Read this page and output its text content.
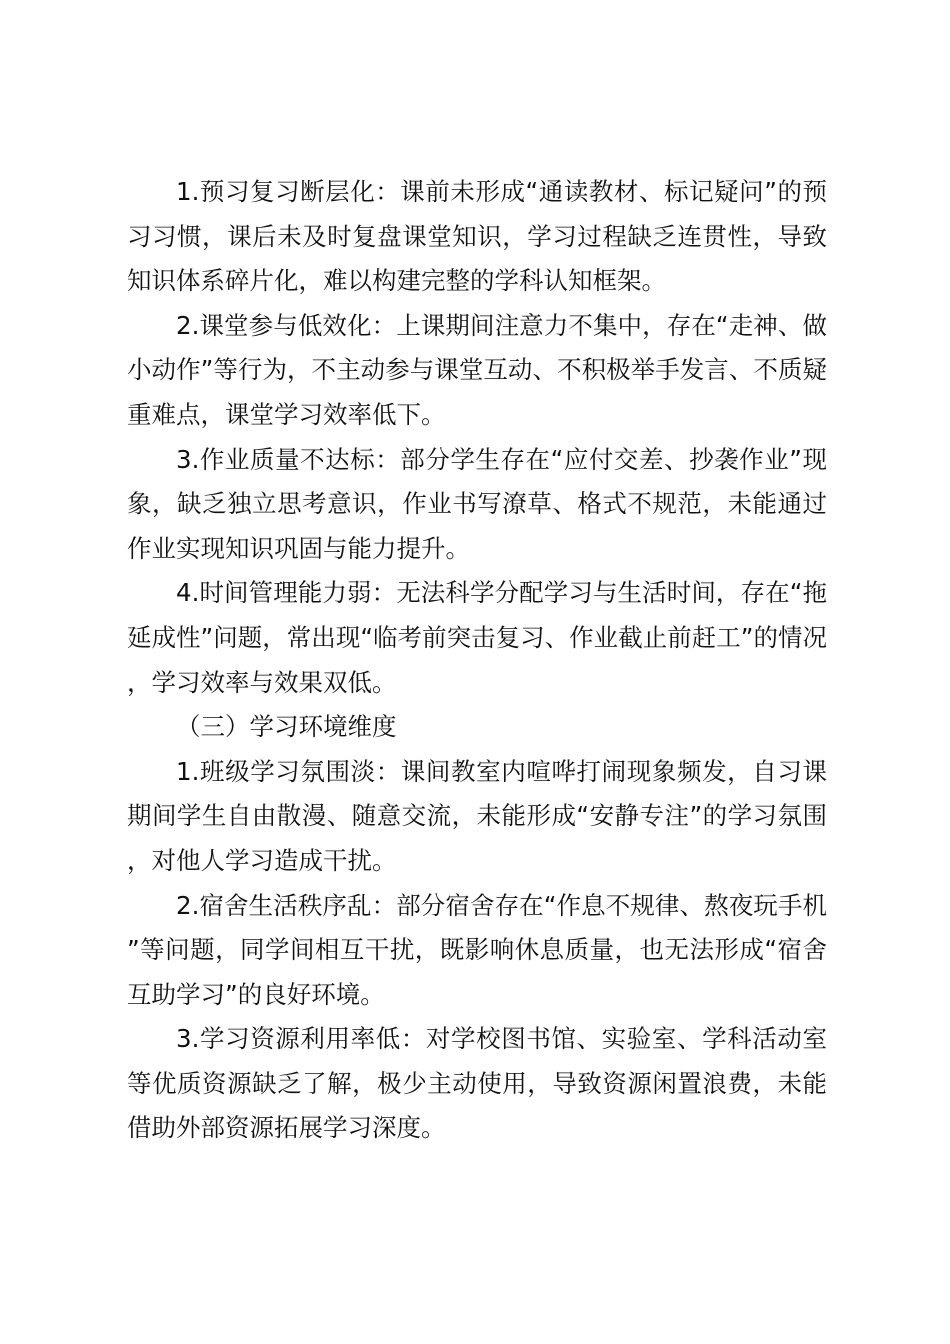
1.预习复习断层化：课前未形成“通读教材、标记疑问”的预习习惯，课后未及时复盘课堂知识，学习过程缺乏连贯性，导致知识体系碎片化，难以构建完整的学科认知框架。

2.课堂参与低效化：上课期间注意力不集中，存在“走神、做小动作”等行为，不主动参与课堂互动、不积极举手发言、不质疑重难点，课堂学习效率低下。

3.作业质量不达标：部分学生存在“应付交差、抄袭作业”现象，缺乏独立思考意识，作业书写潦草、格式不规范，未能通过作业实现知识巩固与能力提升。

4.时间管理能力弱：无法科学分配学习与生活时间，存在“拖延成性”问题，常出现“临考前突击复习、作业截止前赶工”的情况，学习效率与效果双低。

（三）学习环境维度

1.班级学习氛围淡：课间教室内喧哗打闹现象频发，自习课期间学生自由散漫、随意交流，未能形成“安静专注”的学习氛围，对他人学习造成干扰。

2.宿舍生活秩序乱：部分宿舍存在“作息不规律、熬夜玩手机”等问题，同学间相互干扰，既影响休息质量，也无法形成“宿舍互助学习”的良好环境。

3.学习资源利用率低：对学校图书馆、实验室、学科活动室等优质资源缺乏了解，极少主动使用，导致资源闲置浪费，未能借助外部资源拓展学习深度。
